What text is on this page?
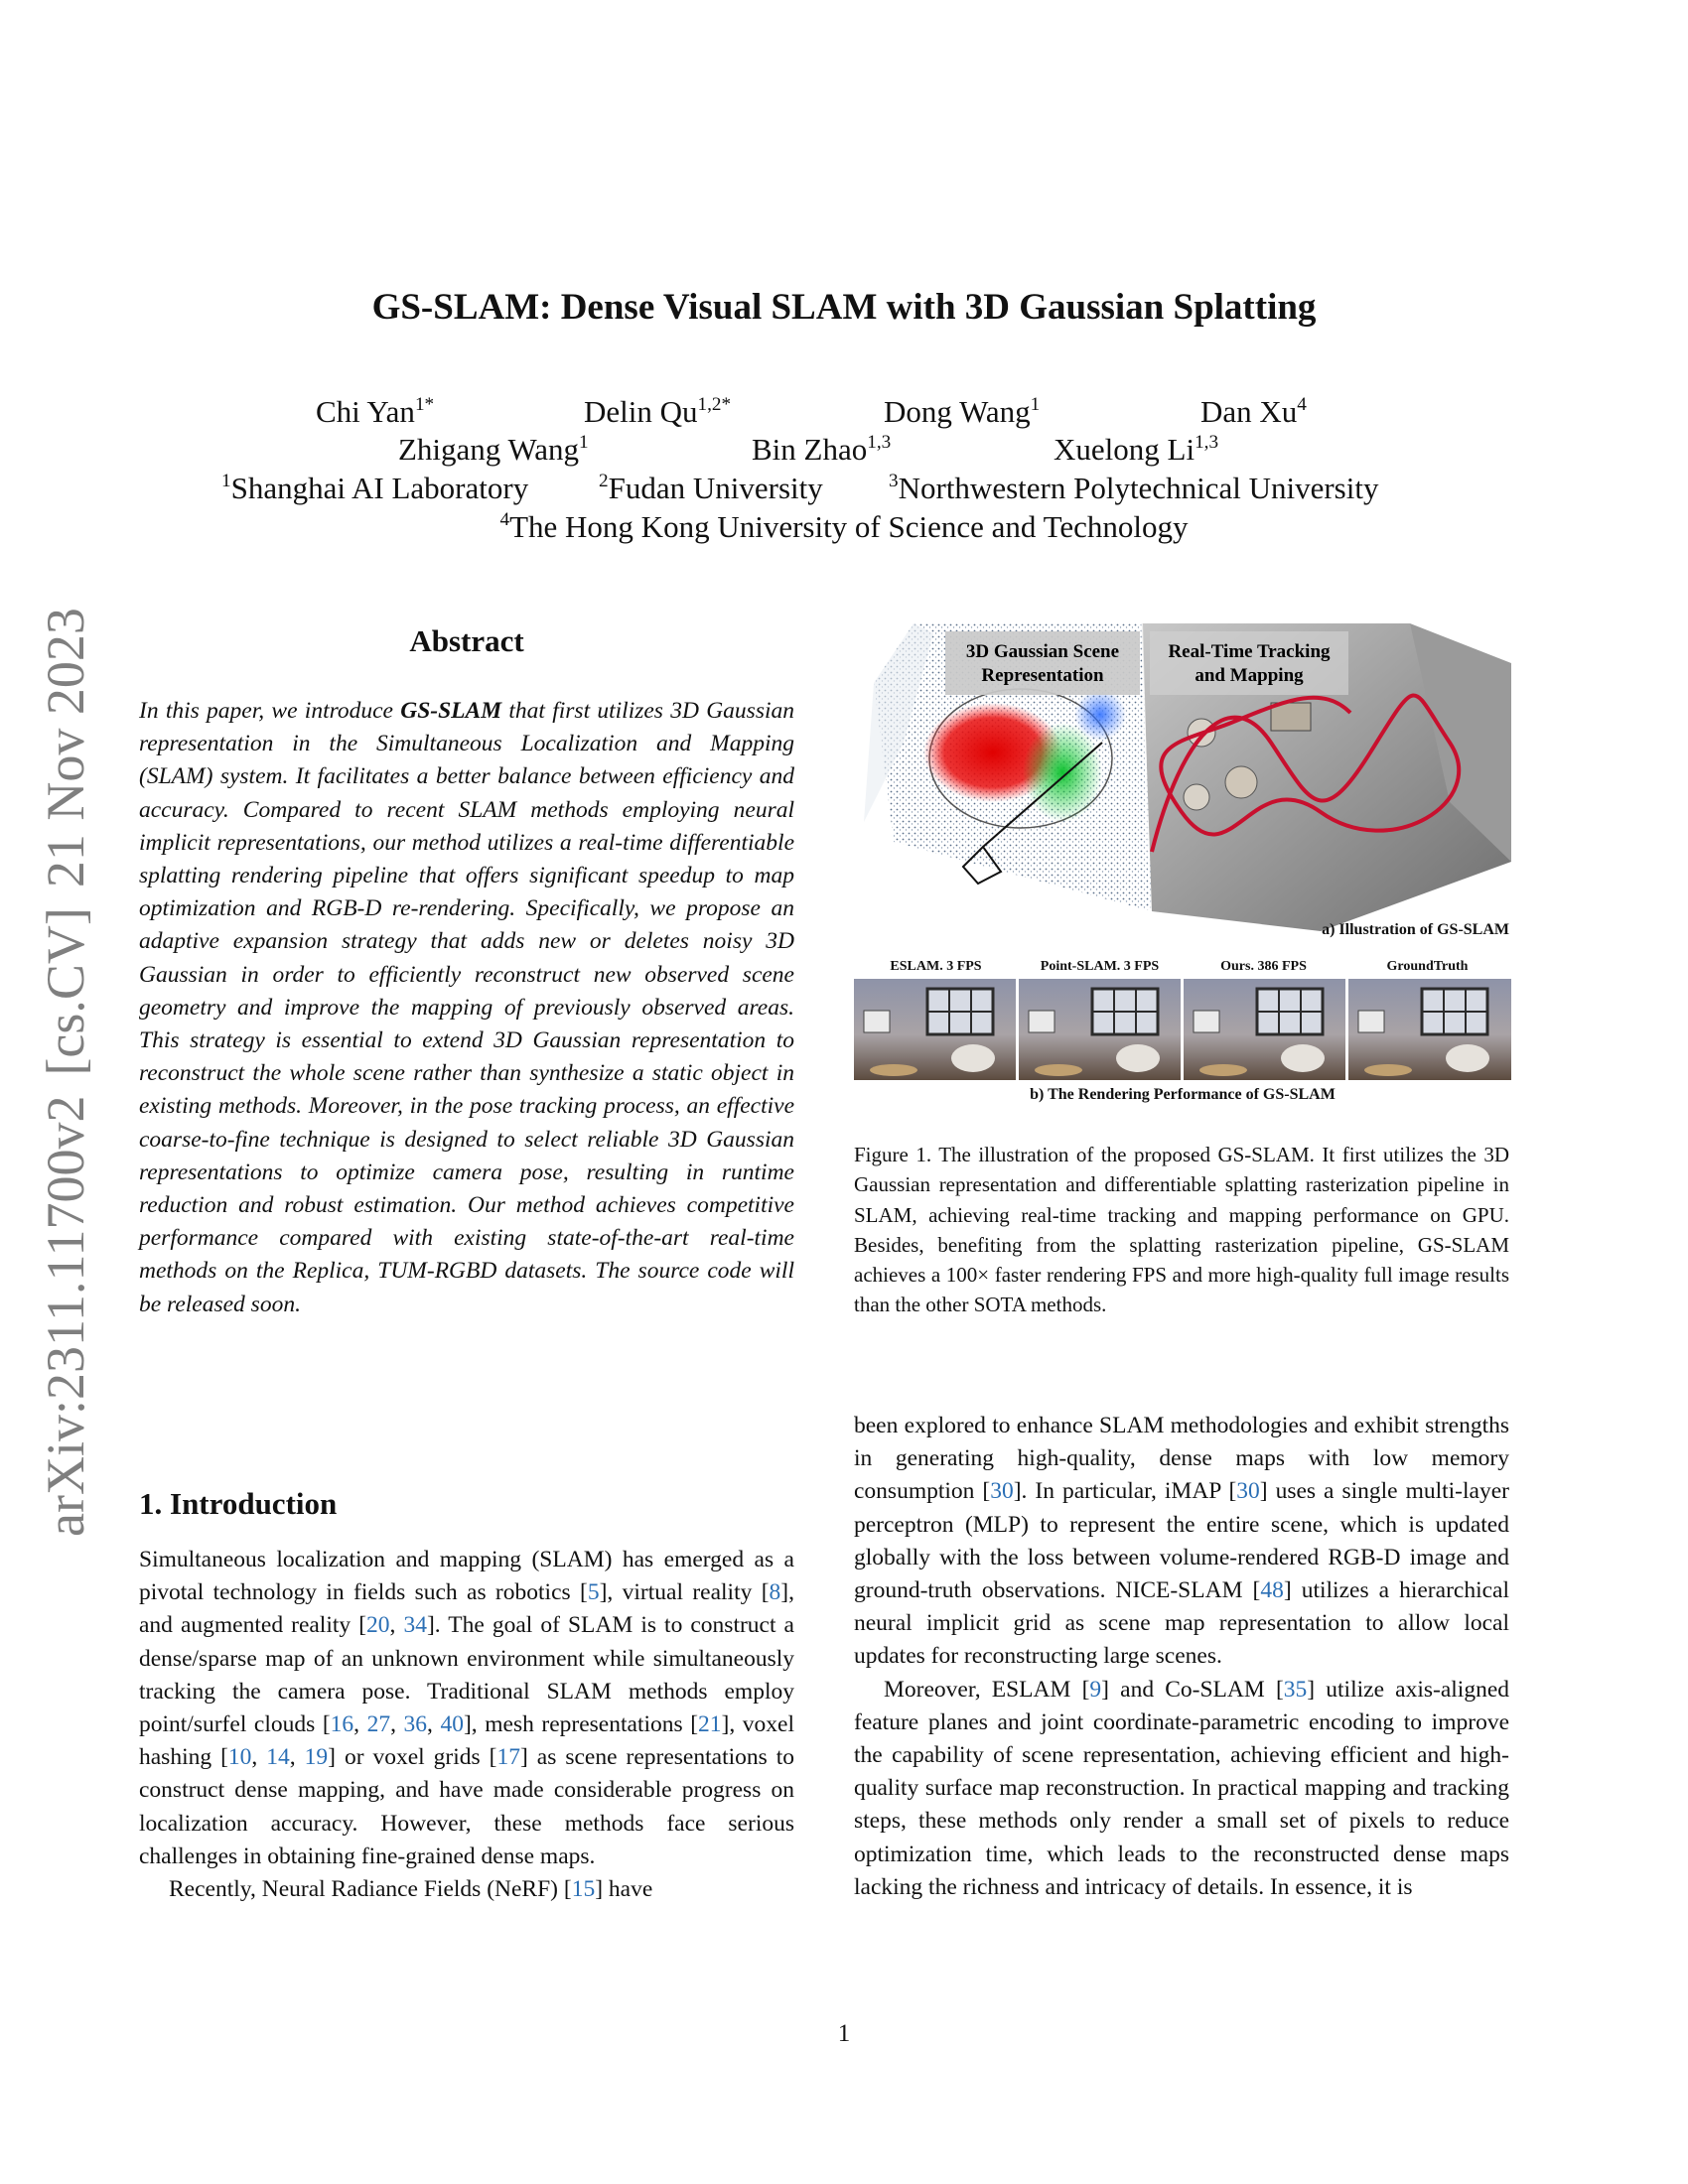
arXiv:2311.11700v2[cs.CV]21 Nov 2023
GS-SLAM: Dense Visual SLAM with 3D Gaussian Splatting
Chi Yan$^{1*}$	Delin $Qu^{1,2*}$	Dong Wang$^1$	Dan Xu$^4$
Zhigang Wang$^1$	Bin Zhao$^{1,3}$	Xuelong Li$^{1,3}$
$^1$Shanghai AI Laboratory	$^2$Fudan University	$^3$Northwestern Polytechnical University
$^4$The Hong Kong University of Science and Technology
Abstract

In this paper, we introduce GS-SLAM that first utilizes 3D Gaussian representation in the Simultaneous Localization and Mapping (SLAM) system. It facilitates a better balance between efficiency and accuracy. Compared to recent SLAM methods employing neural implicit representations, our method utilizes a real-time differentiable splatting rendering pipeline that offers significant speedup to map optimization and RGB-D re-rendering. Specifically, we propose an adaptive expansion strategy that adds new or deletes noisy 3D Gaussian in order to efficiently reconstruct new observed scene geometry and improve the mapping of previously observed areas. This strategy is essential to extend 3D Gaussian representation to reconstruct the whole scene rather than synthesize a static object in existing methods. Moreover, in the pose tracking process, an effective coarse-to-fine technique is designed to select reliable 3D Gaussian representations to optimize camera pose, resulting in runtime reduction and robust estimation. Our method achieves competitive performance compared with existing state-of-the-art real-time methods on the Replica, TUM-RGBD datasets. The source code will be released soon.

1. Introduction

Simultaneous localization and mapping (SLAM) has emerged as a pivotal technology in fields such as robotics [5], virtual reality [8], and augmented reality [20, 34]. The goal of SLAM is to construct a dense/sparse map of an unknown environment while simultaneously tracking the camera pose. Traditional SLAM methods employ point/surfel clouds [16, 27, 36, 40], mesh representations [21], voxel hashing [10, 14, 19] or voxel grids [17] as scene representations to construct dense mapping, and have made considerable progress on localization accuracy. However, these methods face serious challenges in obtaining fine-grained dense maps.

Recently, Neural Radiance Fields (NeRF) [15] have

3D Gaussian Scene
Representation
Real-Time Tracking
and Mapping
a) Illustration of GS-SLAM
ESLAM. 3 FPS	Point-SLAM. 3 FPS	Ours. 386 FPS	GroundTruth
b) The Rendering Performance of GS-SLAM

Figure 1. The illustration of the proposed GS-SLAM. It first utilizes the 3D Gaussian representation and differentiable splatting rasterization pipeline in SLAM, achieving real-time tracking and mapping performance on GPU. Besides, benefiting from the splatting rasterization pipeline, GS-SLAM achieves a 100× faster rendering FPS and more high-quality full image results than the other SOTA methods.

been explored to enhance SLAM methodologies and exhibit strengths in generating high-quality, dense maps with low memory consumption [30]. In particular, iMAP [30] uses a single multi-layer perceptron (MLP) to represent the entire scene, which is updated globally with the loss between volume-rendered RGB-D image and ground-truth observations. NICE-SLAM [48] utilizes a hierarchical neural implicit grid as scene map representation to allow local updates for reconstructing large scenes.

Moreover, ESLAM [9] and Co-SLAM [35] utilize axis-aligned feature planes and joint coordinate-parametric encoding to improve the capability of scene representation, achieving efficient and high-quality surface map reconstruction. In practical mapping and tracking steps, these methods only render a small set of pixels to reduce optimization time, which leads to the reconstructed dense maps lacking the richness and intricacy of details. In essence, it is

1
